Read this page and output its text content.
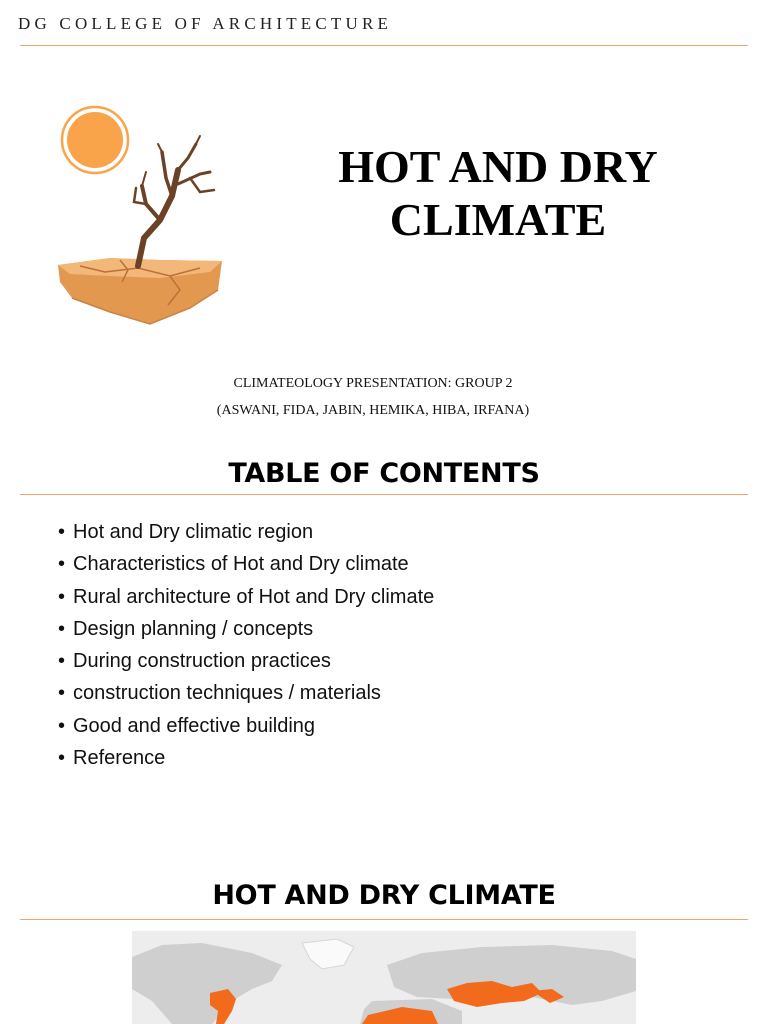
DG COLLEGE OF ARCHITECTURE
HOT AND DRY
CLIMATE
CLIMATEOLOGY PRESENTATION: GROUP 2
(ASWANI, FIDA, JABIN, HEMIKA, HIBA, IRFANA)
TABLE OF CONTENTS
• Hot and Dry climatic region
• Characteristics of Hot and Dry climate
• Rural architecture of Hot and Dry climate
• Design planning / concepts
• During construction practices
• construction techniques / materials
• Good and effective building
• Reference
HOT AND DRY CLIMATE
